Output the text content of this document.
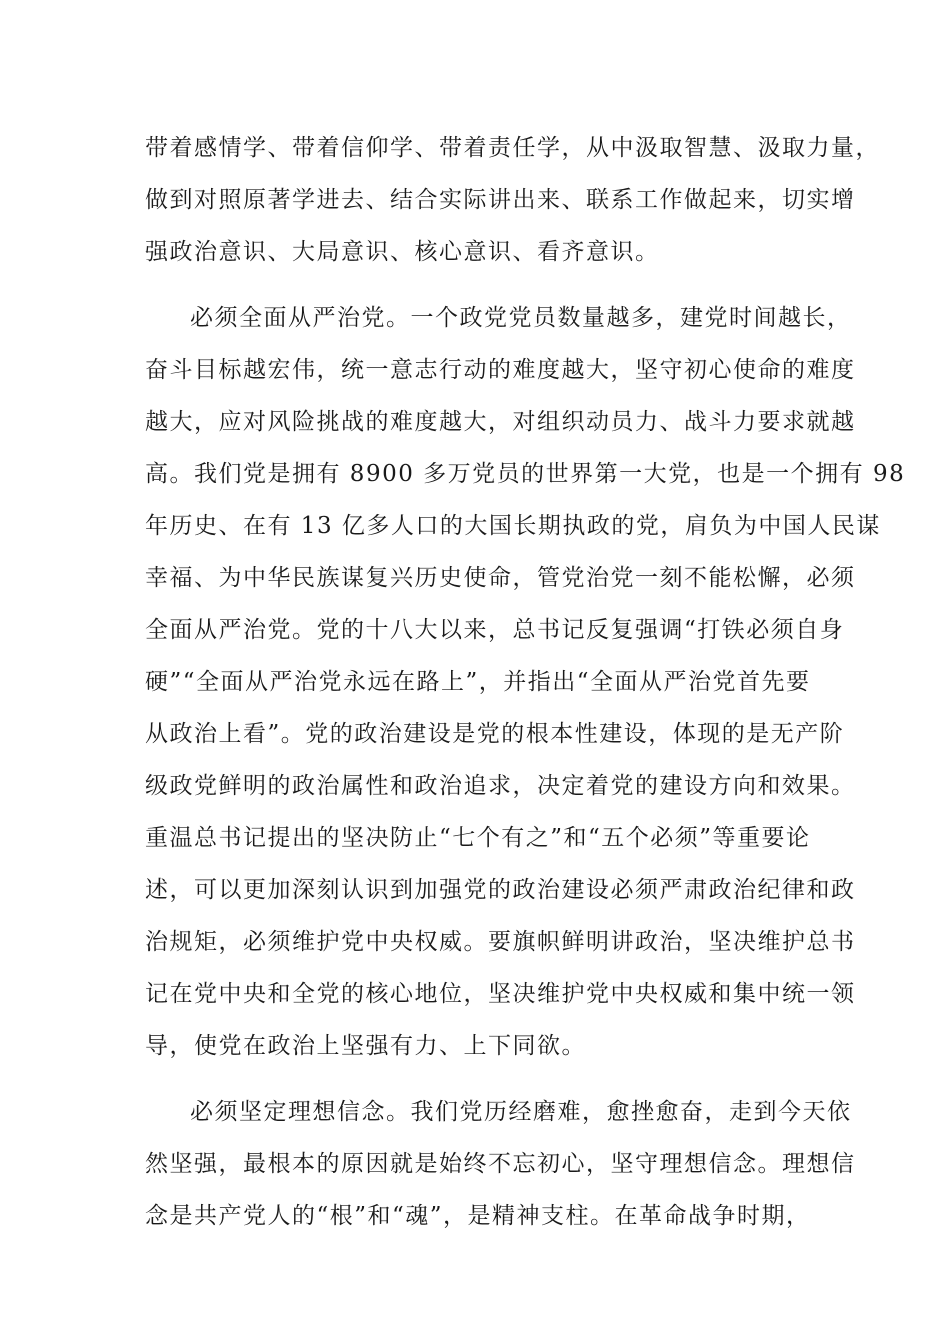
带着感情学、带着信仰学、带着责任学，从中汲取智慧、汲取力量，
做到对照原著学进去、结合实际讲出来、联系工作做起来，切实增
强政治意识、大局意识、核心意识、看齐意识。
必须全面从严治党。一个政党党员数量越多，建党时间越长，
奋斗目标越宏伟，统一意志行动的难度越大，坚守初心使命的难度
越大，应对风险挑战的难度越大，对组织动员力、战斗力要求就越
高。我们党是拥有 8900 多万党员的世界第一大党，也是一个拥有 98
年历史、在有 13 亿多人口的大国长期执政的党，肩负为中国人民谋
幸福、为中华民族谋复兴历史使命，管党治党一刻不能松懈，必须
全面从严治党。党的十八大以来，总书记反复强调“打铁必须自身
硬”“全面从严治党永远在路上”，并指出“全面从严治党首先要
从政治上看”。党的政治建设是党的根本性建设，体现的是无产阶
级政党鲜明的政治属性和政治追求，决定着党的建设方向和效果。
重温总书记提出的坚决防止“七个有之”和“五个必须”等重要论
述，可以更加深刻认识到加强党的政治建设必须严肃政治纪律和政
治规矩，必须维护党中央权威。要旗帜鲜明讲政治，坚决维护总书
记在党中央和全党的核心地位，坚决维护党中央权威和集中统一领
导，使党在政治上坚强有力、上下同欲。
必须坚定理想信念。我们党历经磨难，愈挫愈奋，走到今天依
然坚强，最根本的原因就是始终不忘初心，坚守理想信念。理想信
念是共产党人的“根”和“魂”，是精神支柱。在革命战争时期，
